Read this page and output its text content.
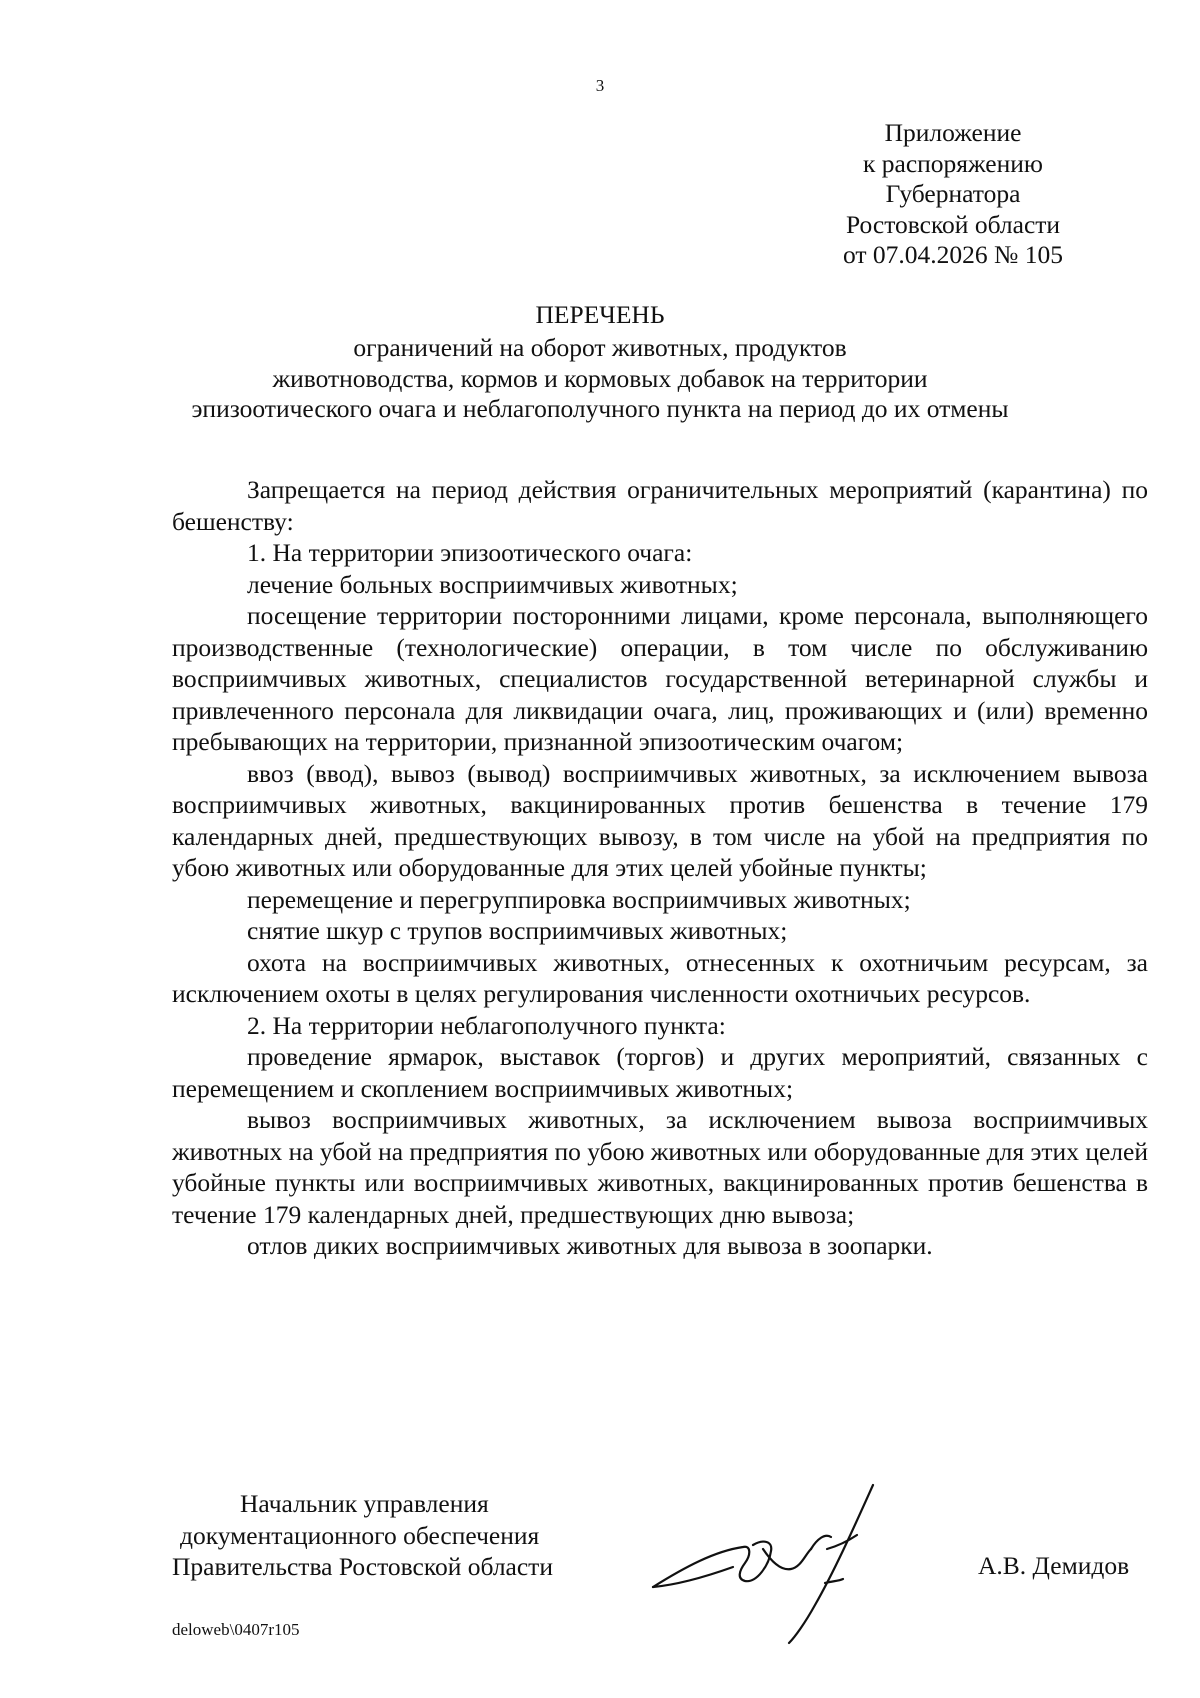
3
Приложение
к распоряжению
Губернатора
Ростовской области
от 07.04.2026 № 105
ПЕРЕЧЕНЬ
ограничений на оборот животных, продуктов
животноводства, кормов и кормовых добавок на территории
эпизоотического очага и неблагополучного пункта на период до их отмены

Запрещается на период действия ограничительных мероприятий (карантина) по бешенству:

1. На территории эпизоотического очага:

лечение больных восприимчивых животных;

посещение территории посторонними лицами, кроме персонала, выполняющего производственные (технологические) операции, в том числе по обслуживанию восприимчивых животных, специалистов государственной ветеринарной службы и привлеченного персонала для ликвидации очага, лиц, проживающих и (или) временно пребывающих на территории, признанной эпизоотическим очагом;

ввоз (ввод), вывоз (вывод) восприимчивых животных, за исключением вывоза восприимчивых животных, вакцинированных против бешенства в течение 179 календарных дней, предшествующих вывозу, в том числе на убой на предприятия по убою животных или оборудованные для этих целей убойные пункты;

перемещение и перегруппировка восприимчивых животных;

снятие шкур с трупов восприимчивых животных;

охота на восприимчивых животных, отнесенных к охотничьим ресурсам, за исключением охоты в целях регулирования численности охотничьих ресурсов.

2. На территории неблагополучного пункта:

проведение ярмарок, выставок (торгов) и других мероприятий, связанных с перемещением и скоплением восприимчивых животных;

вывоз восприимчивых животных, за исключением вывоза восприимчивых животных на убой на предприятия по убою животных или оборудованные для этих целей убойные пункты или восприимчивых животных, вакцинированных против бешенства в течение 179 календарных дней, предшествующих дню вывоза;

отлов диких восприимчивых животных для вывоза в зоопарки.

Начальник управления
документационного обеспечения
Правительства Ростовской области	А.В. Демидов
deloweb\0407r105
